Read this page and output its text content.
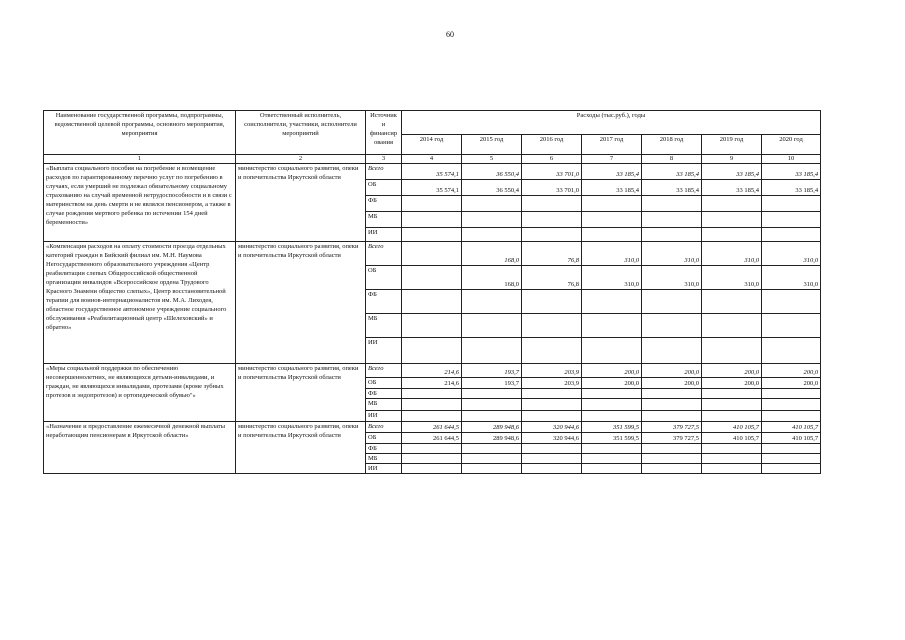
60
Наименование государственной программы, подпрограммы, ведомственной целевой программы, основного мероприятия, мероприятия	Ответственный исполнитель, соисполнители, участники, исполнители мероприятий	Источник и финансир ования	Расходы (тыс.руб.), годы						
			2014 год	2015 год	2016 год	2017 год	2018 год	2019 год	2020 год
1	2	3	4	5	6	7	8	9	10
«Выплата социального пособия на погребение и возмещение расходов по гарантированному перечню услуг по погребению в случаях, если умерший не подлежал обязательному социальному страхованию на случай временной нетрудоспособности и в связи с материнством на день смерти и не являлся пенсионером, а также в случае рождения мертвого ребенка по истечении 154 дней беременности»	министерство социального развития, опеки и попечительства Иркутской области	Всего	35 574,1	36 550,4	33 701,0	33 185,4	33 185,4	33 185,4	33 185,4
		ОБ	35 574,1	36 550,4	33 701,0	33 185,4	33 185,4	33 185,4	33 185,4
		ФБ							
		МБ							
		ИИ							
«Компенсация расходов на оплату стоимости проезда отдельных категорий граждан в Бийский филиал им. М.Н. Наумова Негосударственного образовательного учреждения «Центр реабилитации слепых Общероссийской общественной организации инвалидов «Всероссийское ордена Трудового Красного Знамени общество слепых», Центр восстановительной терапии для воинов-интернационалистов им. М.А. Лиходея, областное государственное автономное учреждение социального обслуживания «Реабилитационный центр «Шелеховский» и обратно»	министерство социального развития, опеки и попечительства Иркутской области	Всего		168,0	76,8	310,0	310,0	310,0	310,0
		ОБ		168,0	76,8	310,0	310,0	310,0	310,0
		ФБ							
		МБ							
		ИИ							
«Меры социальной поддержки по обеспечению несовершеннолетних, не являющихся детьми-инвалидами, и граждан, не являющихся инвалидами, протезами (кроме зубных протезов и эндопротезов) и ортопедической обувью"»	министерство социального развития, опеки и попечительства Иркутской области	Всего	214,6	193,7	203,9	200,0	200,0	200,0	200,0
		ОБ	214,6	193,7	203,9	200,0	200,0	200,0	200,0
		ФБ							
		МБ							
		ИИ							
«Назначение и предоставление ежемесячной денежной выплаты неработающим пенсионерам в Иркутской области»	министерство социального развития, опеки и попечительства Иркутской области	Всего	261 644,5	289 948,6	320 944,6	351 599,5	379 727,5	410 105,7	410 105,7
		ОБ	261 644,5	289 948,6	320 944,6	351 599,5	379 727,5	410 105,7	410 105,7
		ФБ							
		МБ							
		ИИ							
